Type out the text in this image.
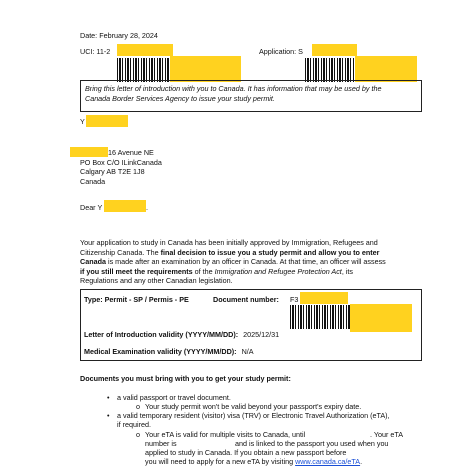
Date: February 28, 2024
UCI: 11-2	Application: S
Bring this letter of introduction with you to Canada. It has information that may be used by the
Canada Border Services Agency to issue your study permit.
Y
16 Avenue NE
PO Box C/O ILinkCanada
Calgary AB T2E 1J8
Canada
Dear Y	.
Your application to study in Canada has been initially approved by Immigration, Refugees and
Citizenship Canada. The final decision to issue you a study permit and allow you to enter
Canada is made after an examination by an officer in Canada. At that time, an officer will assess
if you still meet the requirements of the Immigration and Refugee Protection Act, its
Regulations and any other Canadian legislation.
Type: Permit - SP / Permis - PE	Document number: F3
Letter of Introduction validity (YYYY/MM/DD): 2025/12/31
Medical Examination validity (YYYY/MM/DD): N/A
Documents you must bring with you to get your study permit:
• a valid passport or travel document.
o Your study permit won't be valid beyond your passport's expiry date.
• a valid temporary resident (visitor) visa (TRV) or Electronic Travel Authorization (eTA),
if required.
o Your eTA is valid for multiple visits to Canada, until	. Your eTA
number is	and is linked to the passport you used when you
applied to study in Canada. If you obtain a new passport before
you will need to apply for a new eTA by visiting www.canada.ca/eTA.
